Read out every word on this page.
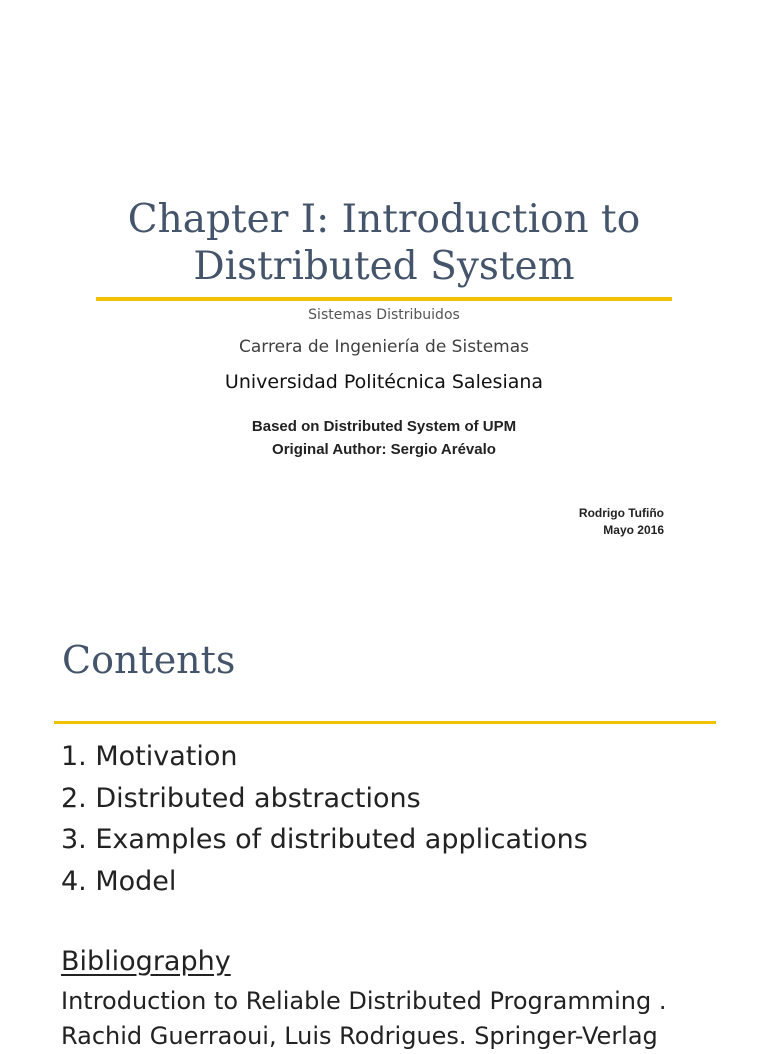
Chapter I: Introduction to
Distributed System
Sistemas Distribuidos
Carrera de Ingeniería de Sistemas
Universidad Politécnica Salesiana
Based on Distributed System of UPM
Original Author: Sergio Arévalo
Rodrigo Tufiño
Mayo 2016
Contents
1. Motivation
2. Distributed abstractions
3. Examples of distributed applications
4. Model
Bibliography
Introduction to Reliable Distributed Programming .
Rachid Guerraoui, Luis Rodrigues. Springer-Verlag
